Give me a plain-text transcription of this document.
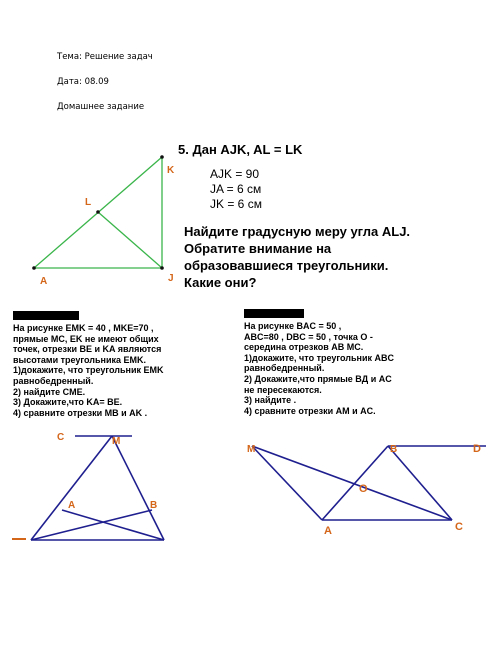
Тема: Решение задач
Дата: 08.09
Домашнее задание
K
L
A	J
5. Дан AJK, AL = LK
AJK = 90
JA = 6 см
JK = 6 см
Найдите градусную меру угла ALJ.
Обратите внимание на
образовавшиеся треугольники.
Какие они?
На рисунке EMK = 40 , MKE=70 ,
прямые MC, EK не имеют общих
точек, отрезки BE и KA являются
высотами треугольника EMK.
1)докажите, что треугольник EMK
равнобедренный.
2) найдите CME.
3) Докажите,что KA= BE.
4) сравните отрезки MB и AK .
На рисунке BAC = 50 ,
ABC=80 , DBC = 50 , точка O -
середина отрезков AB MC.
1)докажите, что треугольник ABC
равнобедренный.
2) Докажите,что прямые BД и AC
не пересекаются.
3) найдите .
4) сравните отрезки AM и AC.
C	M
A	B
M	B	D
O
A	C
